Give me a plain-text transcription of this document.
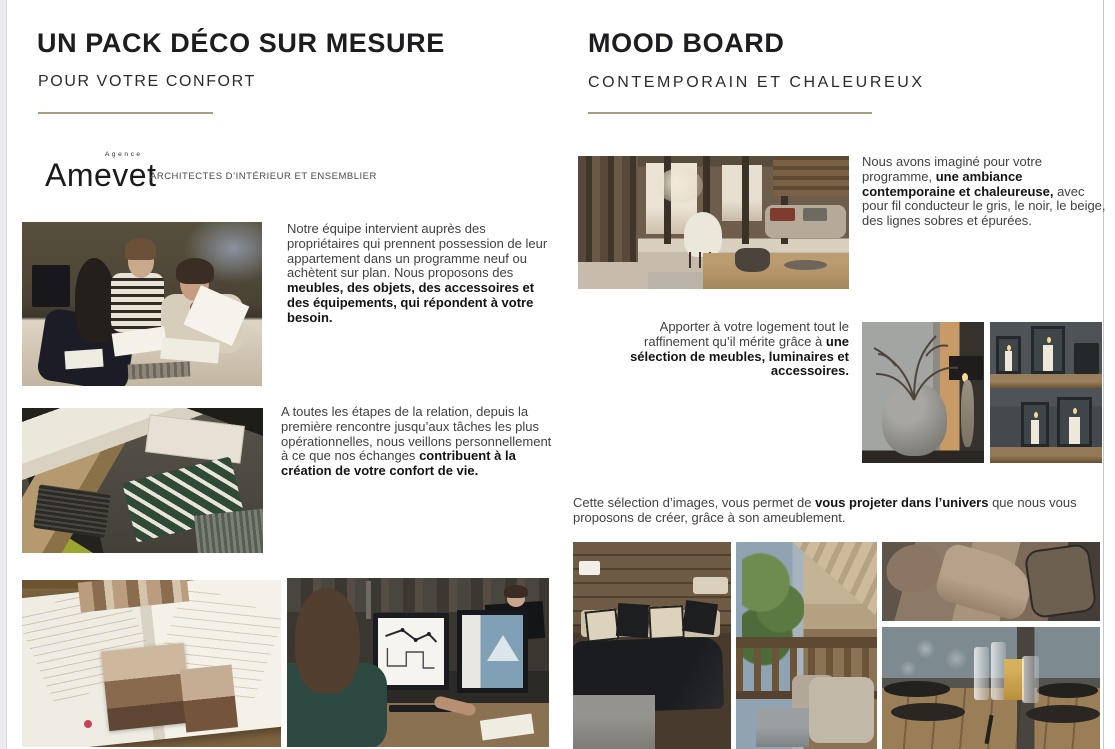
UN PACK DÉCO SUR MESURE
POUR VOTRE CONFORT
Agence
Amevet
ARCHITECTES D’INTÉRIEUR ET ENSEMBLIER
Notre équipe intervient auprès des propriétaires qui prennent possession de leur appartement dans un programme neuf ou achètent sur plan. Nous proposons des meubles, des objets, des accessoires et des équipements, qui répondent à votre besoin.
A toutes les étapes de la relation, depuis la première rencontre jusqu’aux tâches les plus opérationnelles, nous veillons personnellement à ce que nos échanges contribuent à la création de votre confort de vie.
MOOD BOARD
CONTEMPORAIN ET CHALEUREUX
Nous avons imaginé pour votre programme, une ambiance contemporaine et chaleureuse, avec pour fil conducteur le gris, le noir, le beige, des lignes sobres et épurées.
Apporter à votre logement tout le raffinement qu’il mérite grâce à une sélection de meubles, luminaires et accessoires.
Cette sélection d’images, vous permet de vous projeter dans l’univers que nous vous proposons de créer, grâce à son ameublement.
